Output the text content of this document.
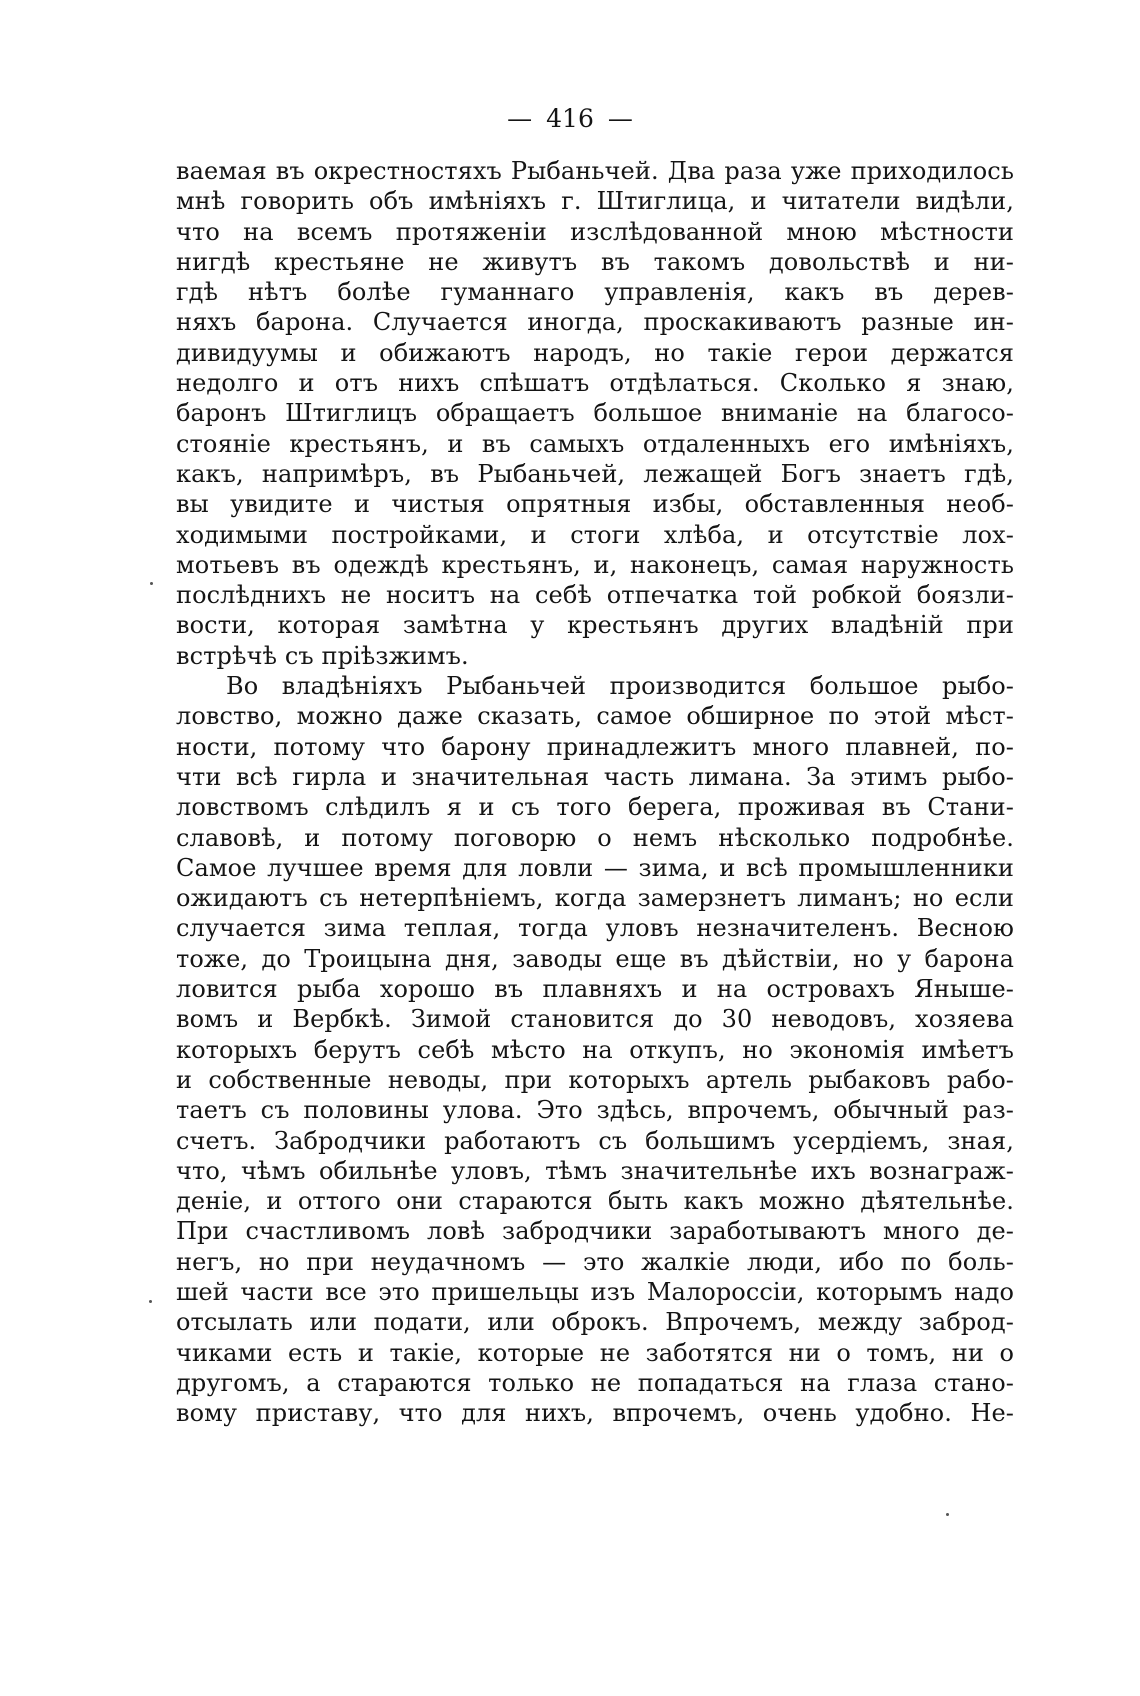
— 416 —
ваемая въ окрестностяхъ Рыбаньчей. Два раза уже приходилось
мнѣ говорить объ имѣніяхъ г. Штиглица, и читатели видѣли,
что на всемъ протяженіи изслѣдованной мною мѣстности
нигдѣ крестьяне не живутъ въ такомъ довольствѣ и ни-
гдѣ нѣтъ болѣе гуманнаго управленія, какъ въ дерев-
няхъ барона. Случается иногда, проскакиваютъ разные ин-
дивидуумы и обижаютъ народъ, но такіе герои держатся
недолго и отъ нихъ спѣшатъ отдѣлаться. Сколько я знаю,
баронъ Штиглицъ обращаетъ большое вниманіе на благосо-
стояніе крестьянъ, и въ самыхъ отдаленныхъ его имѣніяхъ,
какъ, напримѣръ, въ Рыбаньчей, лежащей Богъ знаетъ гдѣ,
вы увидите и чистыя опрятныя избы, обставленныя необ-
ходимыми постройками, и стоги хлѣба, и отсутствіе лох-
мотьевъ въ одеждѣ крестьянъ, и, наконецъ, самая наружность
послѣднихъ не носитъ на себѣ отпечатка той робкой боязли-
вости, которая замѣтна у крестьянъ других владѣній при
встрѣчѣ съ пріѣзжимъ.
Во владѣніяхъ Рыбаньчей производится большое рыбо-
ловство, можно даже сказать, самое обширное по этой мѣст-
ности, потому что барону принадлежитъ много плавней, по-
чти всѣ гирла и значительная часть лимана. За этимъ рыбо-
ловствомъ слѣдилъ я и съ того берега, проживая въ Стани-
славовѣ, и потому поговорю о немъ нѣсколько подробнѣе.
Самое лучшее время для ловли — зима, и всѣ промышленники
ожидаютъ съ нетерпѣніемъ, когда замерзнетъ лиманъ; но если
случается зима теплая, тогда уловъ незначителенъ. Весною
тоже, до Троицына дня, заводы еще въ дѣйствіи, но у барона
ловится рыба хорошо въ плавняхъ и на островахъ Янышe-
вомъ и Вербкѣ. Зимой становится до 30 неводовъ, хозяева
которыхъ берутъ себѣ мѣсто на откупъ, но экономія имѣетъ
и собственные неводы, при которыхъ артель рыбаковъ рабо-
таетъ съ половины улова. Это здѣсь, впрочемъ, обычный раз-
счетъ. Забродчики работаютъ съ большимъ усердіемъ, зная,
что, чѣмъ обильнѣе уловъ, тѣмъ значительнѣе ихъ вознаграж-
деніе, и оттого они стараются быть какъ можно дѣятельнѣе.
При счастливомъ ловѣ забродчики заработываютъ много де-
негъ, но при неудачномъ — это жалкіе люди, ибо по боль-
шей части все это пришельцы изъ Малороссіи, которымъ надо
отсылать или подати, или оброкъ. Впрочемъ, между заброд-
чиками есть и такіе, которые не заботятся ни о томъ, ни о
другомъ, а стараются только не попадаться на глаза стано-
вому приставу, что для нихъ, впрочемъ, очень удобно. Не-
